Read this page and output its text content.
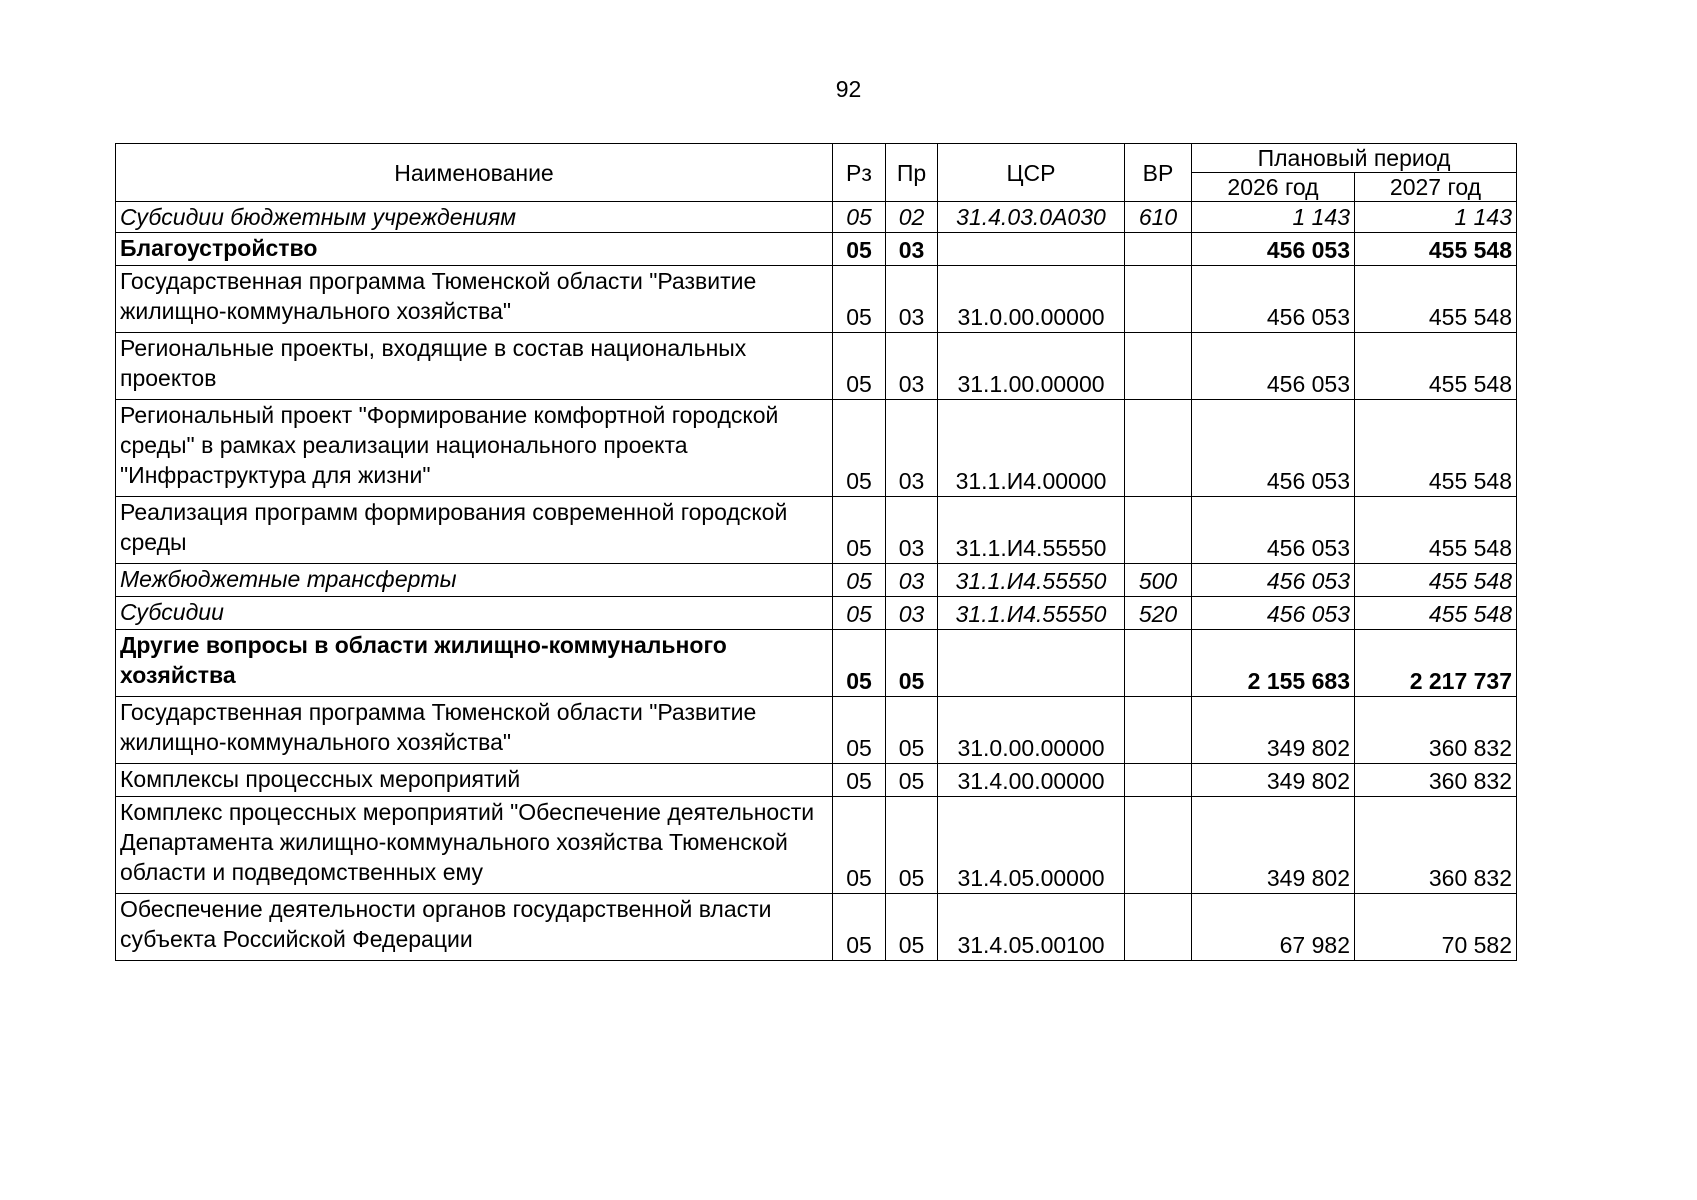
92
Наименование	Рз	Пр	ЦСР	ВР	Плановый период	
					2026 год	2027 год
Субсидии бюджетным учреждениям	05	02	31.4.03.0А030	610	1 143	1 143
Благоустройство	05	03			456 053	455 548
Государственная программа Тюменской области "Развитие жилищно-коммунального хозяйства"	05	03	31.0.00.00000		456 053	455 548
Региональные проекты, входящие в состав национальных проектов	05	03	31.1.00.00000		456 053	455 548
Региональный проект "Формирование комфортной городской среды" в рамках реализации национального проекта "Инфраструктура для жизни"	05	03	31.1.И4.00000		456 053	455 548
Реализация программ формирования современной городской среды	05	03	31.1.И4.55550		456 053	455 548
Межбюджетные трансферты	05	03	31.1.И4.55550	500	456 053	455 548
Субсидии	05	03	31.1.И4.55550	520	456 053	455 548
Другие вопросы в области жилищно-коммунального хозяйства	05	05			2 155 683	2 217 737
Государственная программа Тюменской области "Развитие жилищно-коммунального хозяйства"	05	05	31.0.00.00000		349 802	360 832
Комплексы процессных мероприятий	05	05	31.4.00.00000		349 802	360 832

Комплекс процессных мероприятий "Обеспечение деятельности Департамента жилищно-коммунального хозяйства Тюменской области и подведомственных ему	05	05	31.4.05.00000		349 802	360 832
Обеспечение деятельности органов государственной власти субъекта Российской Федерации	05	05	31.4.05.00100		67 982	70 582
